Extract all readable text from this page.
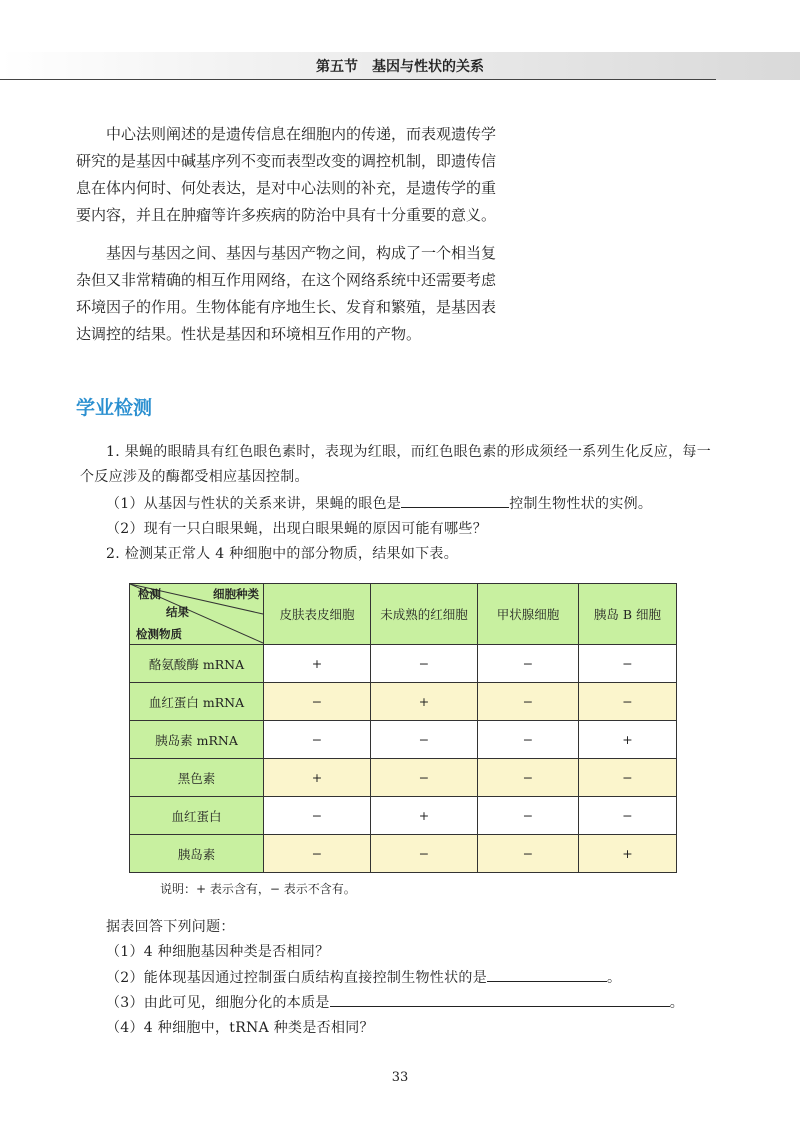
第五节　基因与性状的关系

中心法则阐述的是遗传信息在细胞内的传递，而表观遗传学研究的是基因中碱基序列不变而表型改变的调控机制，即遗传信息在体内何时、何处表达，是对中心法则的补充，是遗传学的重要内容，并且在肿瘤等许多疾病的防治中具有十分重要的意义。

基因与基因之间、基因与基因产物之间，构成了一个相当复杂但又非常精确的相互作用网络，在这个网络系统中还需要考虑环境因子的作用。生物体能有序地生长、发育和繁殖，是基因表达调控的结果。性状是基因和环境相互作用的产物。

学业检测

1. 果蝇的眼睛具有红色眼色素时，表现为红眼，而红色眼色素的形成须经一系列生化反应，每一个反应涉及的酶都受相应基因控制。

（1）从基因与性状的关系来讲，果蝇的眼色是	控制生物性状的实例。

（2）现有一只白眼果蝇，出现白眼果蝇的原因可能有哪些？

2. 检测某正常人 4 种细胞中的部分物质，结果如下表。

检测 细胞种类
结果
检测物质	皮肤表皮细胞	未成熟的红细胞	甲状腺细胞	胰岛 B 细胞
酪氨酸酶 mRNA	+	−	−	−
血红蛋白 mRNA	−	+	−	−
胰岛素 mRNA	−	−	−	+
黑色素	+	−	−	−
血红蛋白	−	+	−	−
胰岛素	−	−	−	+

说明：+ 表示含有，− 表示不含有。

据表回答下列问题：

（1）4 种细胞基因种类是否相同？

（2）能体现基因通过控制蛋白质结构直接控制生物性状的是	。

（3）由此可见，细胞分化的本质是	。

（4）4 种细胞中，tRNA 种类是否相同？

33
